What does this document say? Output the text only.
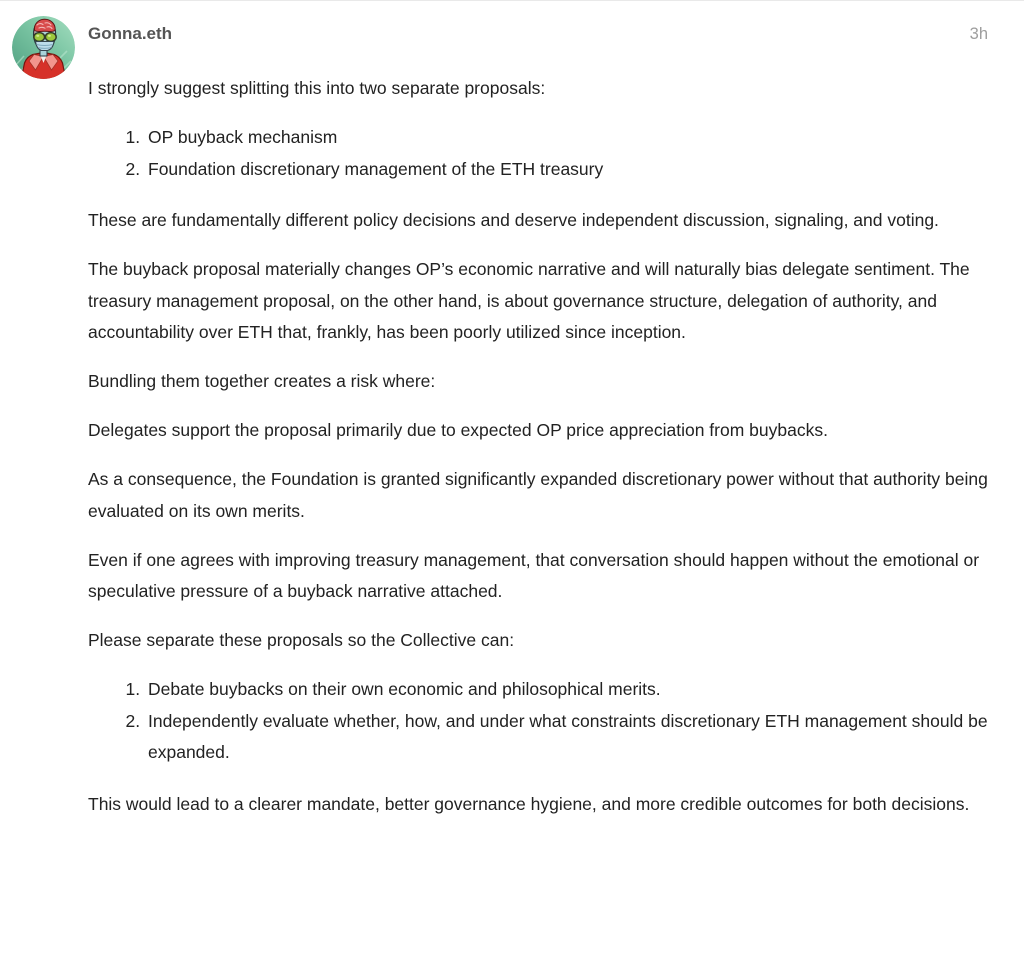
Gonna.eth	3h

I strongly suggest splitting this into two separate proposals:

1. OP buyback mechanism
2. Foundation discretionary management of the ETH treasury

These are fundamentally different policy decisions and deserve independent discussion, signaling, and voting.

The buyback proposal materially changes OP’s economic narrative and will naturally bias delegate sentiment. The treasury management proposal, on the other hand, is about governance structure, delegation of authority, and accountability over ETH that, frankly, has been poorly utilized since inception.

Bundling them together creates a risk where:

Delegates support the proposal primarily due to expected OP price appreciation from buybacks.

As a consequence, the Foundation is granted significantly expanded discretionary power without that authority being evaluated on its own merits.

Even if one agrees with improving treasury management, that conversation should happen without the emotional or speculative pressure of a buyback narrative attached.

Please separate these proposals so the Collective can:

1. Debate buybacks on their own economic and philosophical merits.
2. Independently evaluate whether, how, and under what constraints discretionary ETH management should be expanded.

This would lead to a clearer mandate, better governance hygiene, and more credible outcomes for both decisions.
